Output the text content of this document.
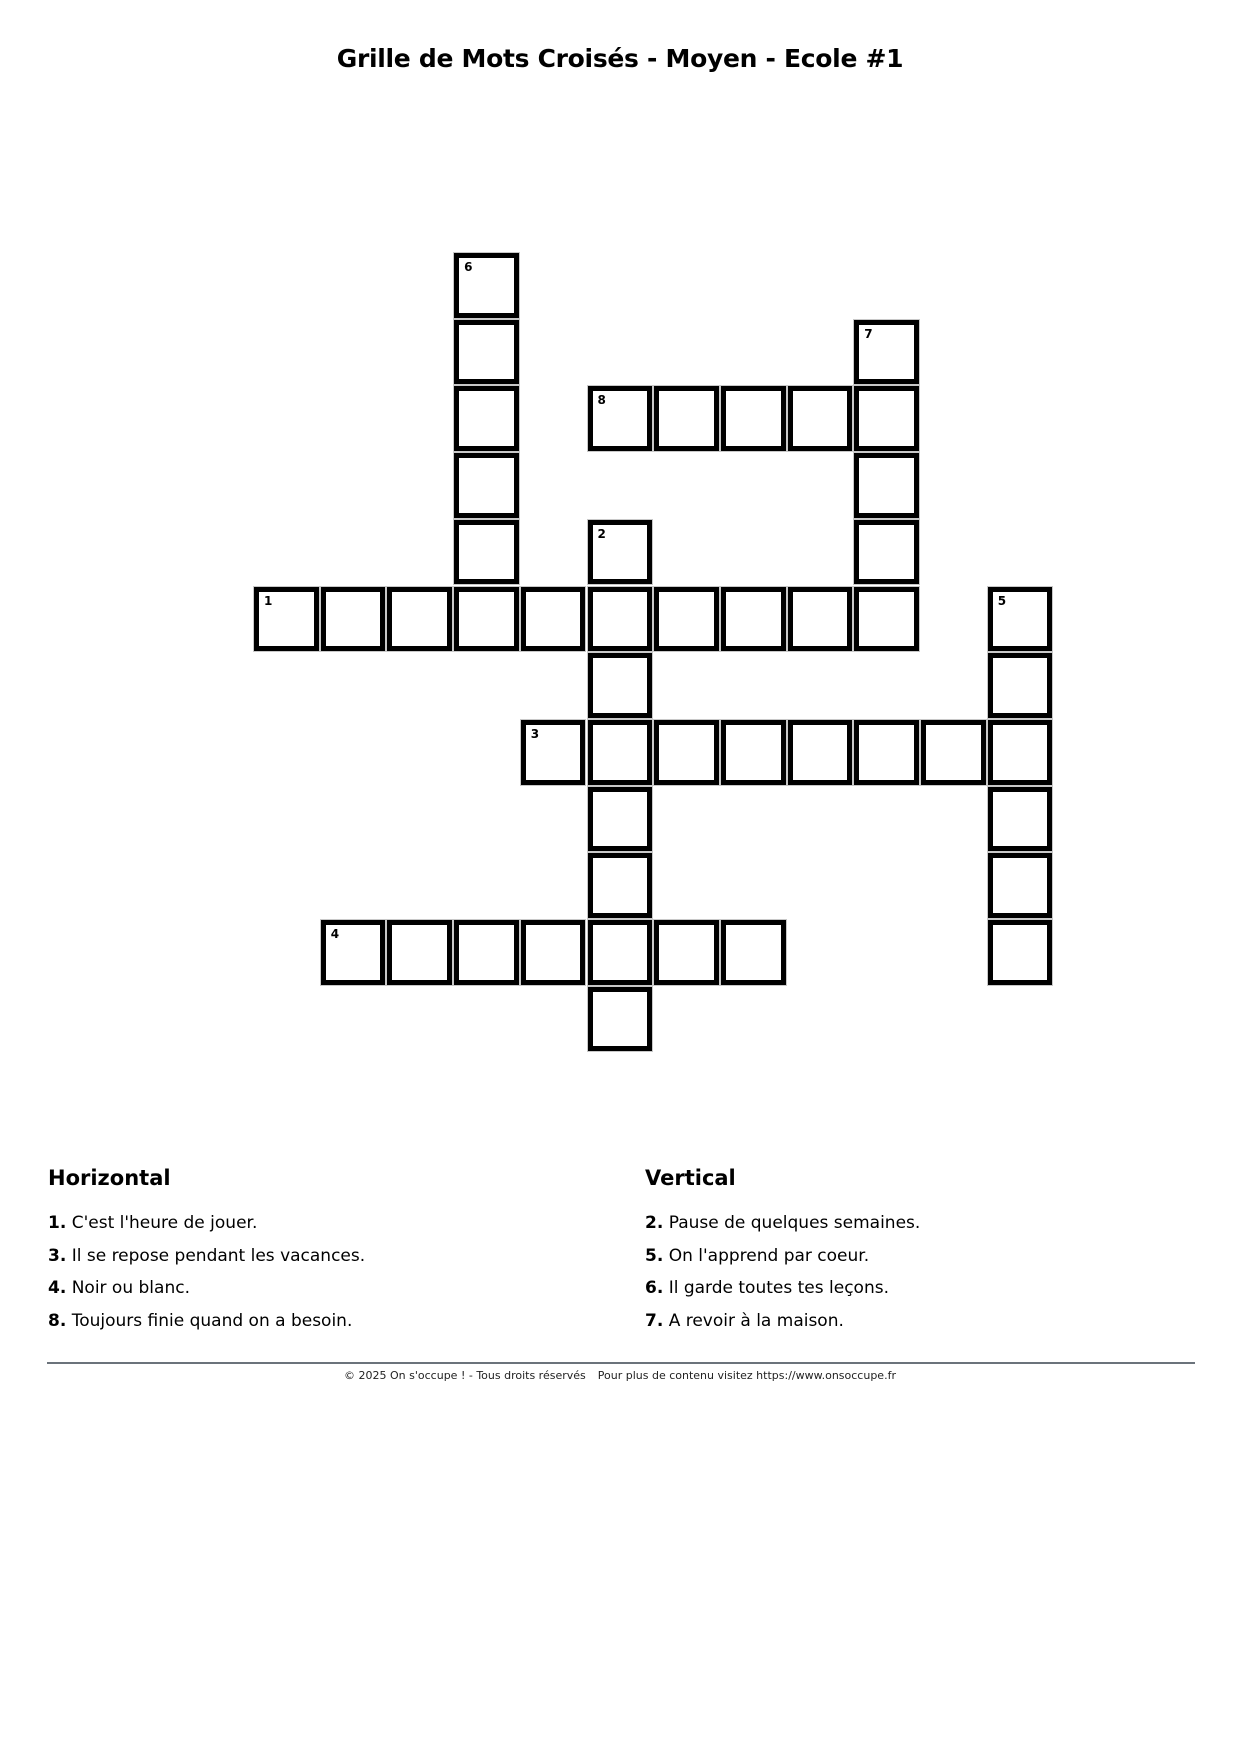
Grille de Mots Croisés - Moyen - Ecole #1
1
3
4
8
2
5
6
7
Horizontal
1. C'est l'heure de jouer.
3. Il se repose pendant les vacances.
4. Noir ou blanc.
8. Toujours finie quand on a besoin.
Vertical
2. Pause de quelques semaines.
5. On l'apprend par coeur.
6. Il garde toutes tes leçons.
7. A revoir à la maison.
© 2025 On s'occupe ! - Tous droits réservés Pour plus de contenu visitez https://www.onsoccupe.fr
